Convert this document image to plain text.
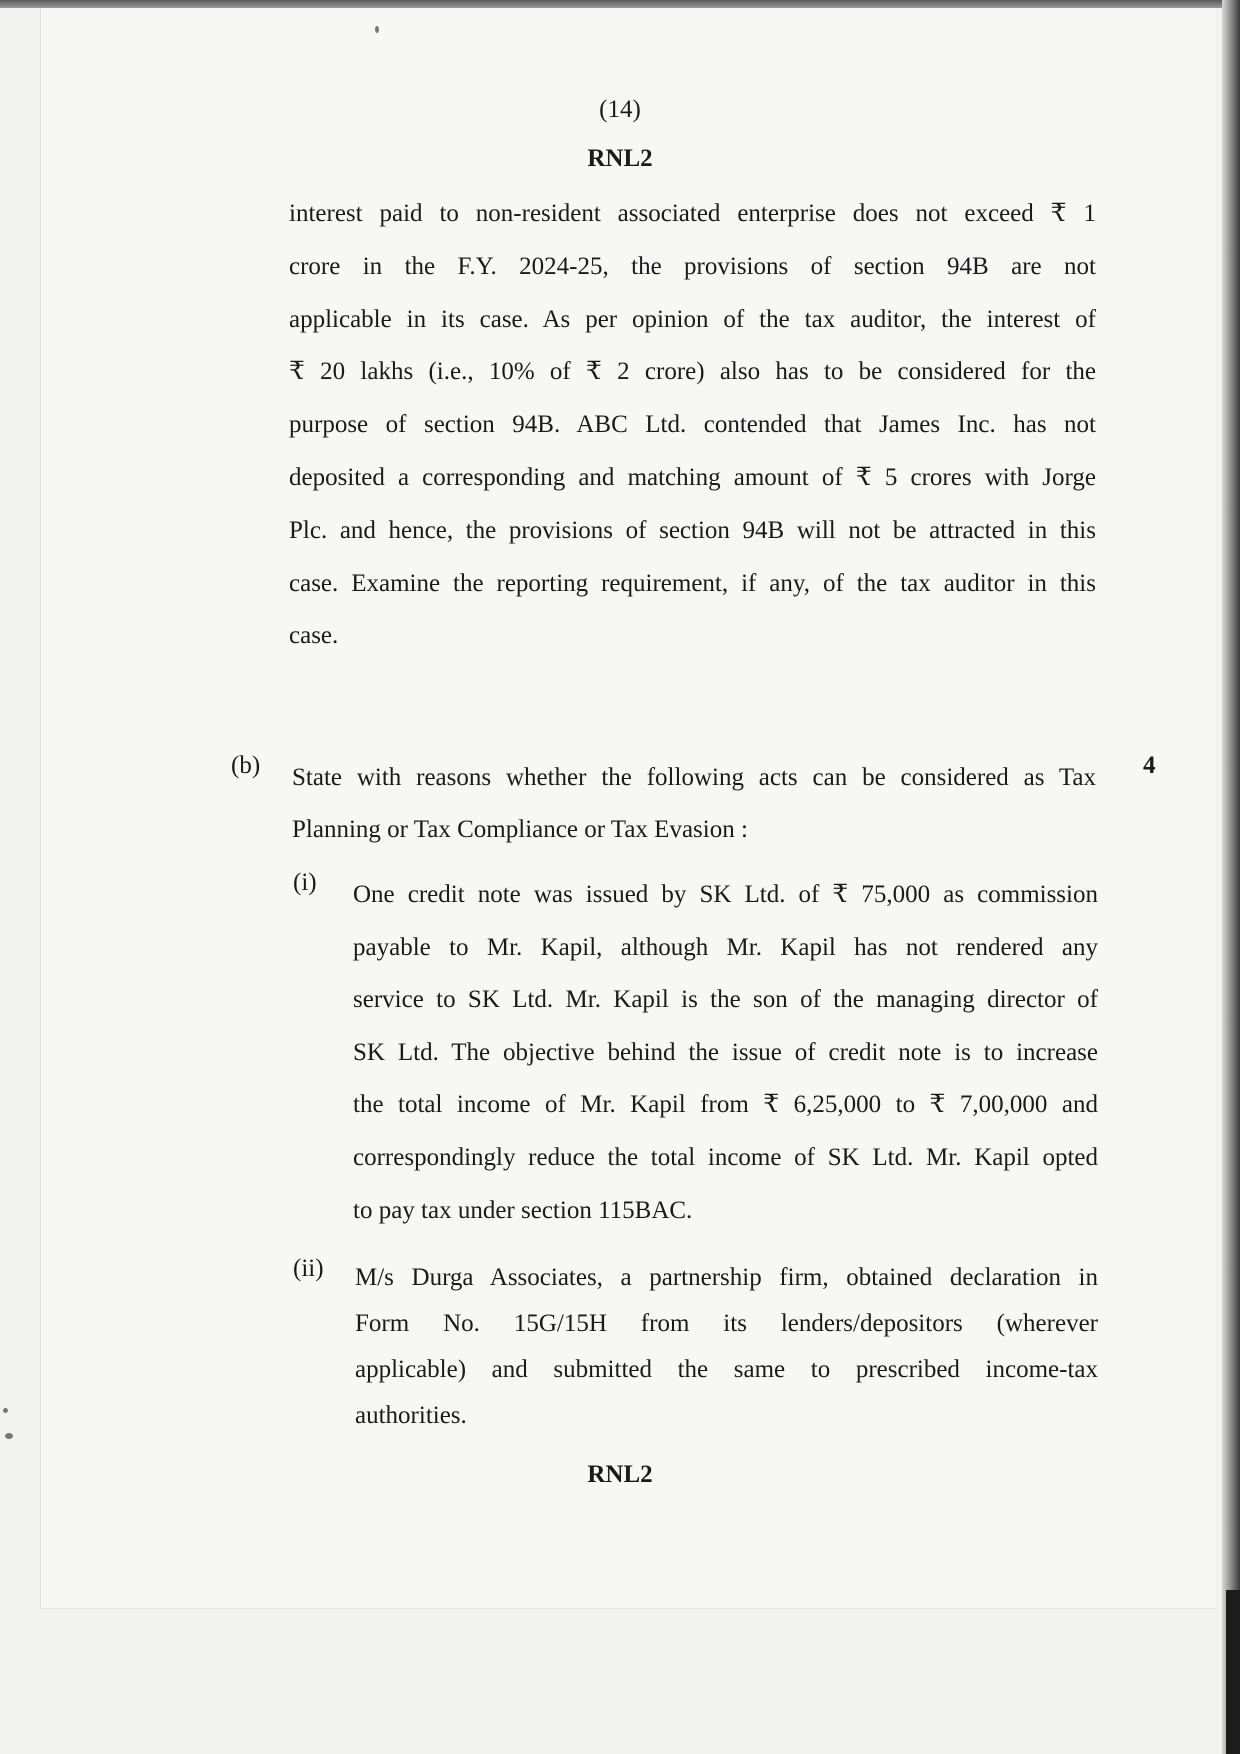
(14)
RNL2
interest paid to non-resident associated enterprise does not exceed ₹ 1
crore in the F.Y. 2024-25, the provisions of section 94B are not
applicable in its case. As per opinion of the tax auditor, the interest of
₹ 20 lakhs (i.e., 10% of ₹ 2 crore) also has to be considered for the
purpose of section 94B. ABC Ltd. contended that James Inc. has not
deposited a corresponding and matching amount of ₹ 5 crores with Jorge
Plc. and hence, the provisions of section 94B will not be attracted in this
case. Examine the reporting requirement, if any, of the tax auditor in this
case.
(b)	4
State with reasons whether the following acts can be considered as Tax
Planning or Tax Compliance or Tax Evasion :
(i) One credit note was issued by SK Ltd. of ₹ 75,000 as commission
payable to Mr. Kapil, although Mr. Kapil has not rendered any
service to SK Ltd. Mr. Kapil is the son of the managing director of
SK Ltd. The objective behind the issue of credit note is to increase
the total income of Mr. Kapil from ₹ 6,25,000 to ₹ 7,00,000 and
correspondingly reduce the total income of SK Ltd. Mr. Kapil opted
to pay tax under section 115BAC.
(ii) M/s Durga Associates, a partnership firm, obtained declaration in
Form No. 15G/15H from its lenders/depositors (wherever
applicable) and submitted the same to prescribed income-tax
authorities.
RNL2
